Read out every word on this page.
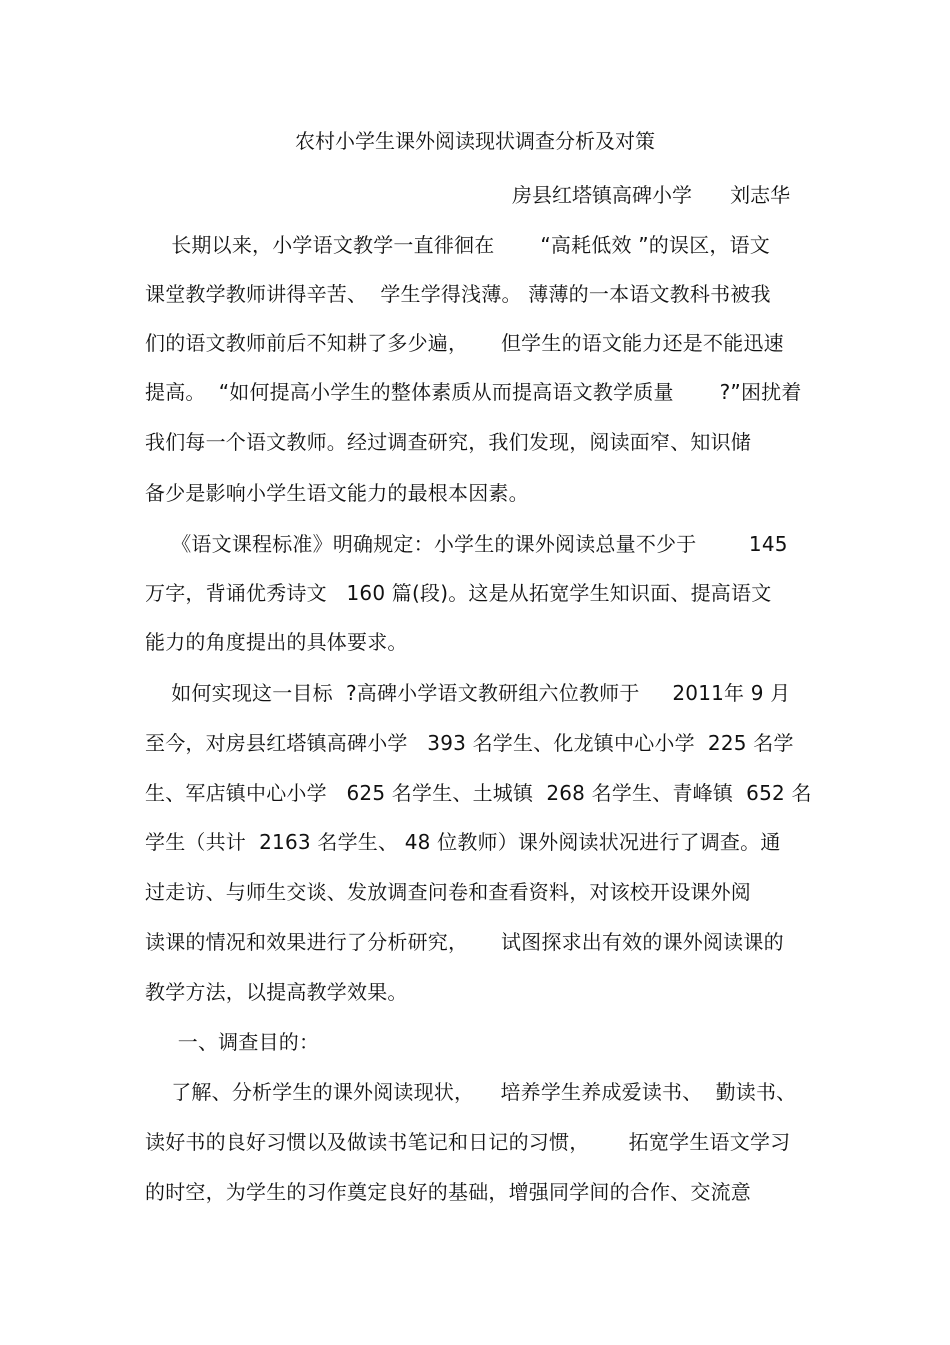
农村小学生课外阅读现状调查分析及对策
房县红塔镇高碑小学      刘志华
长期以来，小学语文教学一直徘徊在       “高耗低效 ”的误区，语文
课堂教学教师讲得辛苦、  学生学得浅薄。 薄薄的一本语文教科书被我
们的语文教师前后不知耕了多少遍，     但学生的语文能力还是不能迅速
提高。  “如何提高小学生的整体素质从而提高语文教学质量       ?”困扰着
我们每一个语文教师。经过调查研究，我们发现，阅读面窄、知识储
备少是影响小学生语文能力的最根本因素。
《语文课程标准》明确规定：小学生的课外阅读总量不少于        145
万字，背诵优秀诗文   160 篇(段)。这是从拓宽学生知识面、提高语文
能力的角度提出的具体要求。
如何实现这一目标  ?高碑小学语文教研组六位教师于     2011年 9 月
至今，对房县红塔镇高碑小学   393 名学生、化龙镇中心小学  225 名学
生、军店镇中心小学   625 名学生、土城镇  268 名学生、青峰镇  652 名
学生（共计  2163 名学生、 48 位教师）课外阅读状况进行了调查。通
过走访、与师生交谈、发放调查问卷和查看资料，对该校开设课外阅
读课的情况和效果进行了分析研究，     试图探求出有效的课外阅读课的
教学方法，以提高教学效果。
一、调查目的：
了解、分析学生的课外阅读现状，    培养学生养成爱读书、  勤读书、
读好书的良好习惯以及做读书笔记和日记的习惯，      拓宽学生语文学习
的时空，为学生的习作奠定良好的基础，增强同学间的合作、交流意
